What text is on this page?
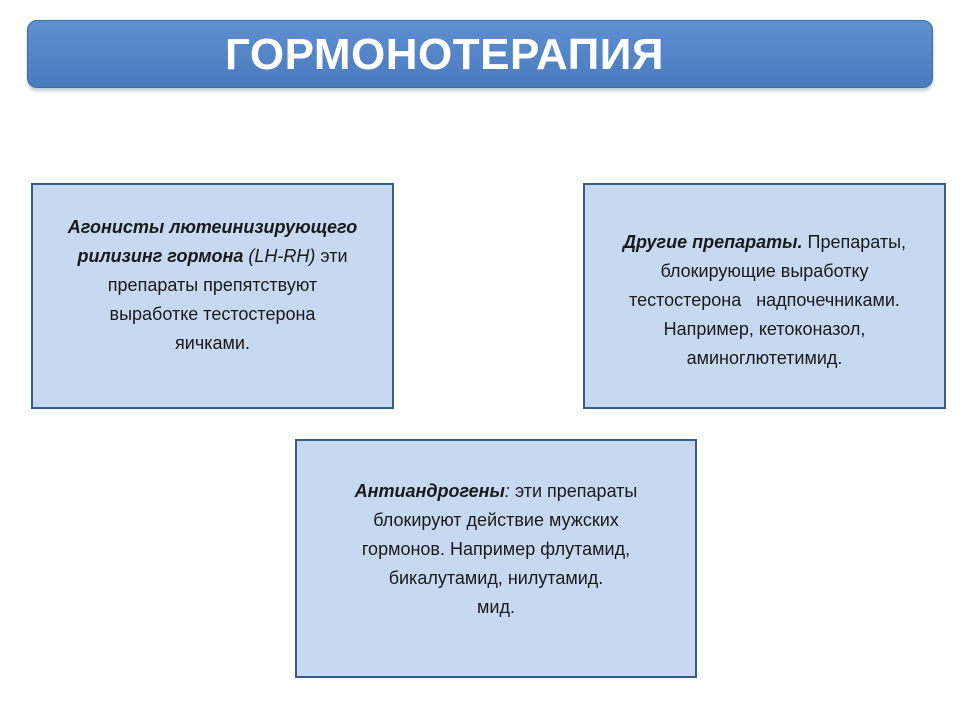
ГОРМОНОТЕРАПИЯ
Агонисты лютеинизирующего
рилизинг гормона (LH-RH) эти
препараты препятствуют
выработке тестостерона
яичками.
Другие препараты. Препараты,
блокирующие выработку
тестостерона   надпочечниками.
Например, кетоконазол,
аминоглютетимид.
Антиандрогены: эти препараты
блокируют действие мужских
гормонов. Например флутамид,
бикалутамид, нилутамид.
мид.
